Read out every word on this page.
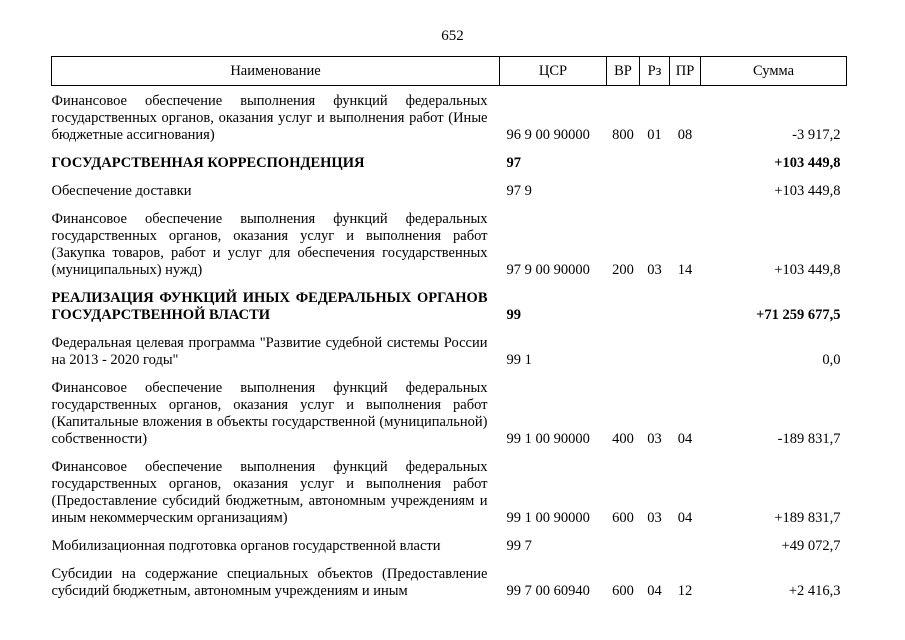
652
Наименование	ЦСР	ВР	Рз	ПР	Сумма
Финансовое обеспечение выполнения функций федеральных государственных органов, оказания услуг и выполнения работ (Иные бюджетные ассигнования)	96 9 00 90000	800	01	08	-3 917,2
ГОСУДАРСТВЕННАЯ КОРРЕСПОНДЕНЦИЯ	97				+103 449,8
Обеспечение доставки	97 9				+103 449,8
Финансовое обеспечение выполнения функций федеральных государственных органов, оказания услуг и выполнения работ (Закупка товаров, работ и услуг для обеспечения государственных (муниципальных) нужд)	97 9 00 90000	200	03	14	+103 449,8
РЕАЛИЗАЦИЯ ФУНКЦИЙ ИНЫХ ФЕДЕРАЛЬНЫХ ОРГАНОВ ГОСУДАРСТВЕННОЙ ВЛАСТИ	99				+71 259 677,5
Федеральная целевая программа "Развитие судебной системы России на 2013 - 2020 годы"	99 1				0,0
Финансовое обеспечение выполнения функций федеральных государственных органов, оказания услуг и выполнения работ (Капитальные вложения в объекты государственной (муниципальной) собственности)	99 1 00 90000	400	03	04	-189 831,7
Финансовое обеспечение выполнения функций федеральных государственных органов, оказания услуг и выполнения работ (Предоставление субсидий бюджетным, автономным учреждениям и иным некоммерческим организациям)	99 1 00 90000	600	03	04	+189 831,7
Мобилизационная подготовка органов государственной власти	99 7				+49 072,7
Субсидии на содержание специальных объектов (Предоставление субсидий бюджетным, автономным учреждениям и иным	99 7 00 60940	600	04	12	+2 416,3
